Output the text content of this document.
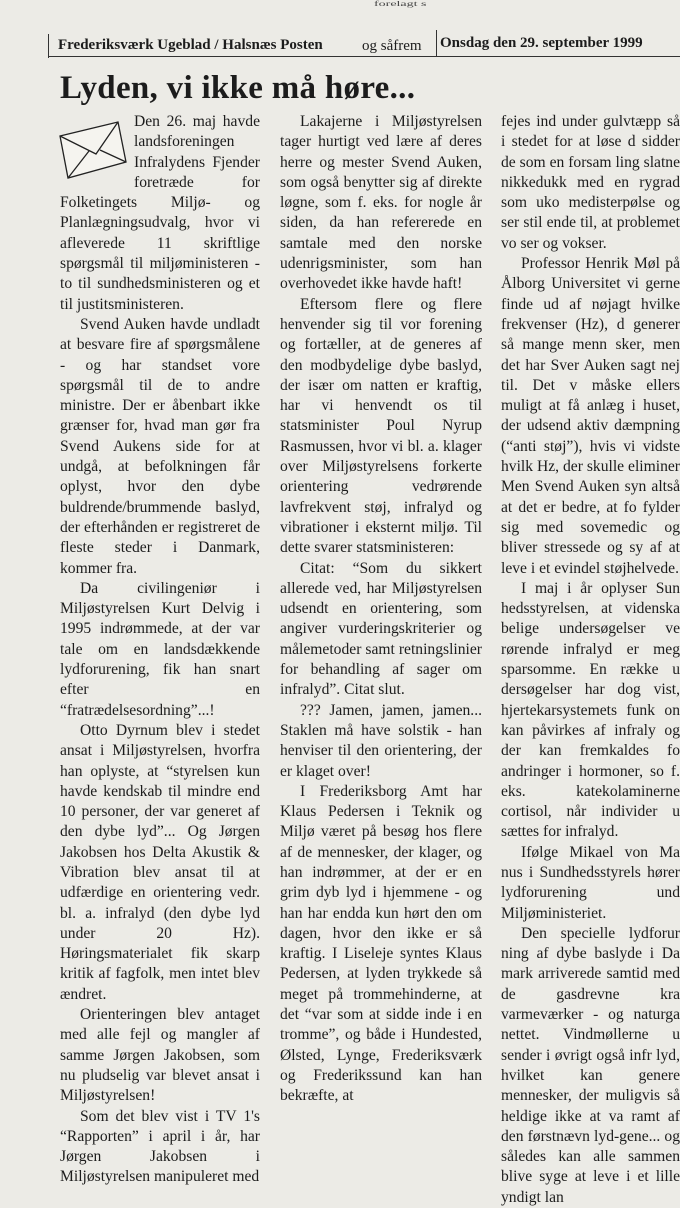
forelagt s
Frederiksværk Ugeblad / Halsnæs Posten	og såfrem Onsdag den 29. september 1999
Lyden, vi ikke må høre...

Den 26. maj havde landsforeningen Infralydens Fjender foretræde for Folketingets Miljø- og Planlægningsudvalg, hvor vi afleverede 11 skriftlige spørgsmål til miljøministeren - to til sundhedsministeren og et til justitsministeren.

Svend Auken havde undladt at besvare fire af spørgsmålene - og har standset vore spørgsmål til de to andre ministre. Der er åbenbart ikke grænser for, hvad man gør fra Svend Aukens side for at undgå, at befolkningen får oplyst, hvor den dybe buldrende/brummende baslyd, der efterhånden er registreret de fleste steder i Danmark, kommer fra.

Da civilingeniør i Miljøstyrelsen Kurt Delvig i 1995 indrømmede, at der var tale om en landsdækkende lydforurening, fik han snart efter en “fratrædelsesordning”...!

Otto Dyrnum blev i stedet ansat i Miljøstyrelsen, hvorfra han oplyste, at “styrelsen kun havde kendskab til mindre end 10 personer, der var generet af den dybe lyd”... Og Jørgen Jakobsen hos Delta Akustik & Vibration blev ansat til at udfærdige en orientering vedr. bl. a. infralyd (den dybe lyd under 20 Hz). Høringsmaterialet fik skarp kritik af fagfolk, men intet blev ændret.

Orienteringen blev antaget med alle fejl og mangler af samme Jørgen Jakobsen, som nu pludselig var blevet ansat i Miljøstyrelsen!

Som det blev vist i TV 1's “Rapporten” i april i år, har Jørgen Jakobsen i Miljøstyrelsen manipuleret med

Lakajerne i Miljøstyrelsen tager hurtigt ved lære af deres herre og mester Svend Auken, som også benytter sig af direkte løgne, som f. eks. for nogle år siden, da han refererede en samtale med den norske udenrigsminister, som han overhovedet ikke havde haft!

Eftersom flere og flere henvender sig til vor forening og fortæller, at de generes af den modbydelige dybe baslyd, der især om natten er kraftig, har vi henvendt os til statsminister Poul Nyrup Rasmussen, hvor vi bl. a. klager over Miljøstyrelsens forkerte orientering vedrørende lavfrekvent støj, infralyd og vibrationer i eksternt miljø. Til dette svarer statsministeren:

Citat: “Som du sikkert allerede ved, har Miljøstyrelsen udsendt en orientering, som angiver vurderingskriterier og målemetoder samt retningslinier for behandling af sager om infralyd”. Citat slut.

??? Jamen, jamen, jamen... Staklen må have solstik - han henviser til den orientering, der er klaget over!

I Frederiksborg Amt har Klaus Pedersen i Teknik og Miljø været på besøg hos flere af de mennesker, der klager, og han indrømmer, at der er en grim dyb lyd i hjemmene - og han har endda kun hørt den om dagen, hvor den ikke er så kraftig. I Liseleje syntes Klaus Pedersen, at lyden trykkede så meget på trommehinderne, at det “var som at sidde inde i en tromme”, og både i Hundested, Ølsted, Lynge, Frederiksværk og Frederikssund kan han bekræfte, at

fejes ind under gulvtæpp så i stedet for at løse d sidder de som en forsam ling slatne nikkedukk med en rygrad som uko medisterpølse og ser stil ende til, at problemet vo ser og vokser.

Professor Henrik Møl på Ålborg Universitet vi gerne finde ud af nøjagt hvilke frekvenser (Hz), d generer så mange menn sker, men det har Sver Auken sagt nej til. Det v måske ellers muligt at få anlæg i huset, der udsend aktiv dæmpning (“anti støj”), hvis vi vidste hvilk Hz, der skulle eliminer Men Svend Auken syn altså at det er bedre, at fo fylder sig med sovemedic og bliver stressede og sy af at leve i et evindel støjhelvede.

I maj i år oplyser Sun hedsstyrelsen, at videnska belige undersøgelser ve rørende infralyd er meg sparsomme. En række u dersøgelser har dog vist, hjertekarsystemets funk on kan påvirkes af infraly og der kan fremkaldes fo andringer i hormoner, so f. eks. katekolaminerne cortisol, når individer u sættes for infralyd.

Ifølge Mikael von Ma nus i Sundhedsstyrels hører lydforurening und Miljøministeriet.

Den specielle lydforur ning af dybe baslyde i Da mark arriverede samtid med de gasdrevne kra varmeværker - og naturga nettet. Vindmøllerne u sender i øvrigt også infr lyd, hvilket kan genere mennesker, der muligvis så heldige ikke at va ramt af den førstnævn lyd-gene... og således kan alle sammen blive syge at leve i et lille yndigt lan
